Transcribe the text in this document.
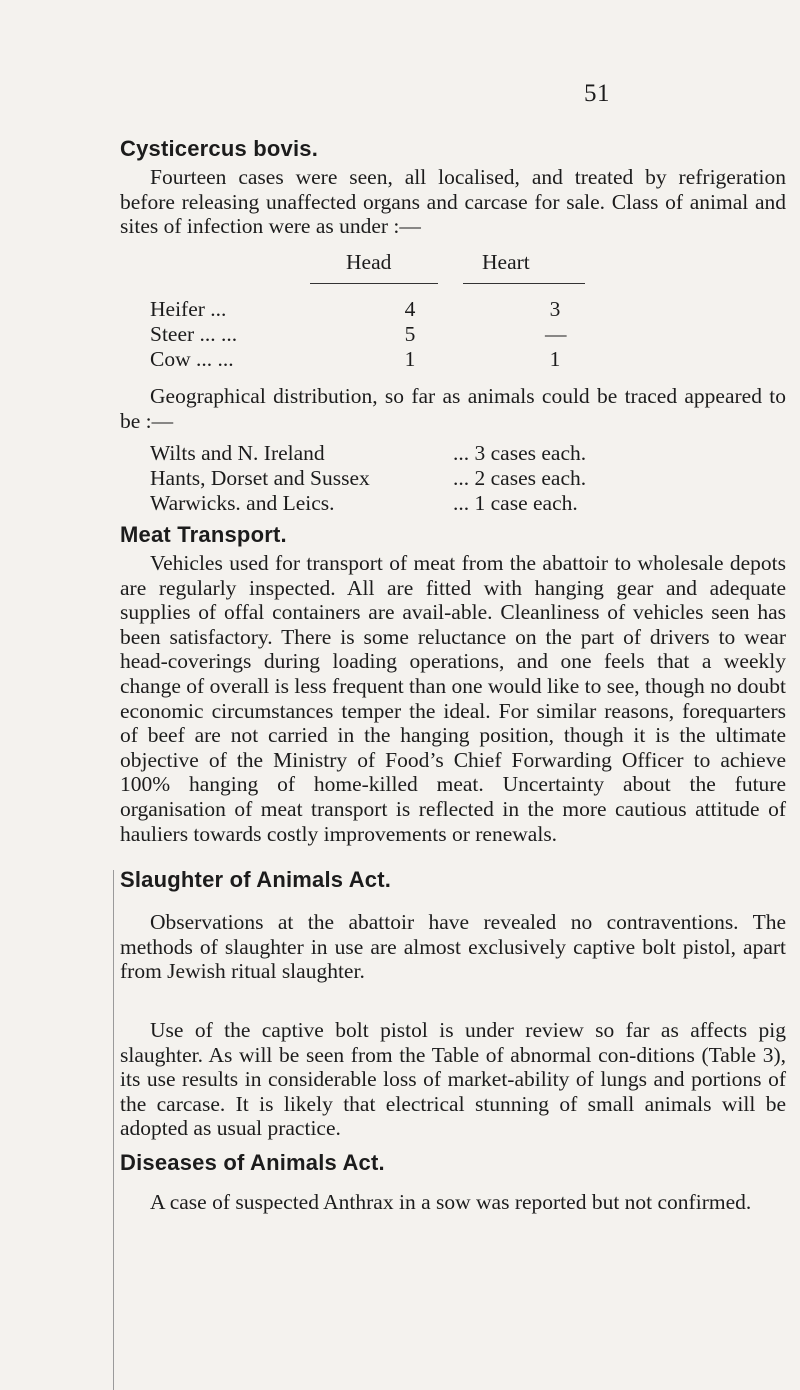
51
Cysticercus bovis.

Fourteen cases were seen, all localised, and treated by refrigeration before releasing unaffected organs and carcase for sale. Class of animal and sites of infection were as under :—

Head	Heart
Heifer ...	4	3
Steer ... ...	5	—
Cow ... ...	1	1

Geographical distribution, so far as animals could be traced appeared to be :—

Wilts and N. Ireland	... 3 cases each.
Hants, Dorset and Sussex	... 2 cases each.
Warwicks. and Leics.	... 1 case each.
Meat Transport.

Vehicles used for transport of meat from the abattoir to wholesale depots are regularly inspected. All are fitted with hanging gear and adequate supplies of offal containers are avail-able. Cleanliness of vehicles seen has been satisfactory. There is some reluctance on the part of drivers to wear head-coverings during loading operations, and one feels that a weekly change of overall is less frequent than one would like to see, though no doubt economic circumstances temper the ideal. For similar reasons, forequarters of beef are not carried in the hanging position, though it is the ultimate objective of the Ministry of Food’s Chief Forwarding Officer to achieve 100% hanging of home-killed meat. Uncertainty about the future organisation of meat transport is reflected in the more cautious attitude of hauliers towards costly improvements or renewals.

Slaughter of Animals Act.

Observations at the abattoir have revealed no contraventions. The methods of slaughter in use are almost exclusively captive bolt pistol, apart from Jewish ritual slaughter.

Use of the captive bolt pistol is under review so far as affects pig slaughter. As will be seen from the Table of abnormal con-ditions (Table 3), its use results in considerable loss of market-ability of lungs and portions of the carcase. It is likely that electrical stunning of small animals will be adopted as usual practice.

Diseases of Animals Act.

A case of suspected Anthrax in a sow was reported but not confirmed.
